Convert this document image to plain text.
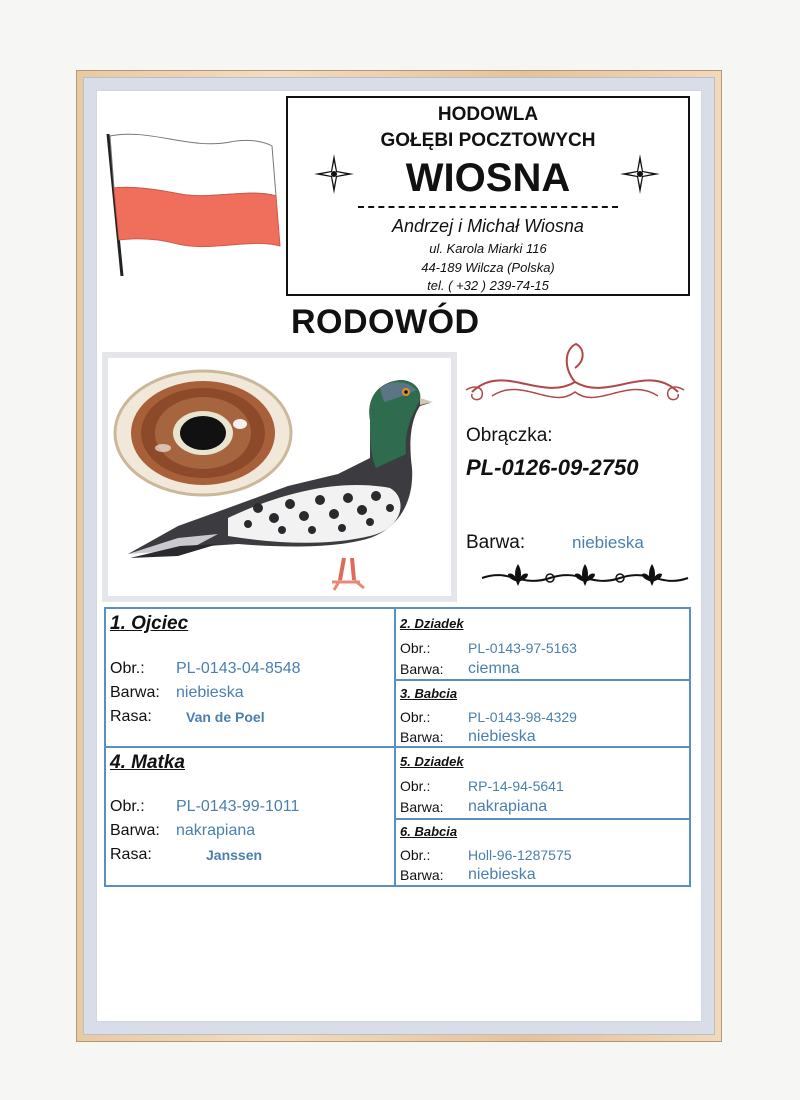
HODOWLA
GOŁĘBI POCZTOWYCH
WIOSNA
Andrzej i Michał Wiosna
ul. Karola Miarki 116
44-189 Wilcza (Polska)
tel. ( +32 ) 239-74-15
RODOWÓD
Obrączka:
PL-0126-09-2750
Barwa:	niebieska
1. Ojciec
Obr.: PL-0143-04-8548
Barwa: niebieska
Rasa: Van de Poel
4. Matka
Obr.: PL-0143-99-1011
Barwa: nakrapiana
Rasa:	Janssen
2. Dziadek
Obr.:	PL-0143-97-5163
Barwa: ciemna
3. Babcia
Obr.:	PL-0143-98-4329
Barwa: niebieska
5. Dziadek
Obr.:	RP-14-94-5641
Barwa: nakrapiana
6. Babcia
Obr.:	Holl-96-1287575
Barwa: niebieska
